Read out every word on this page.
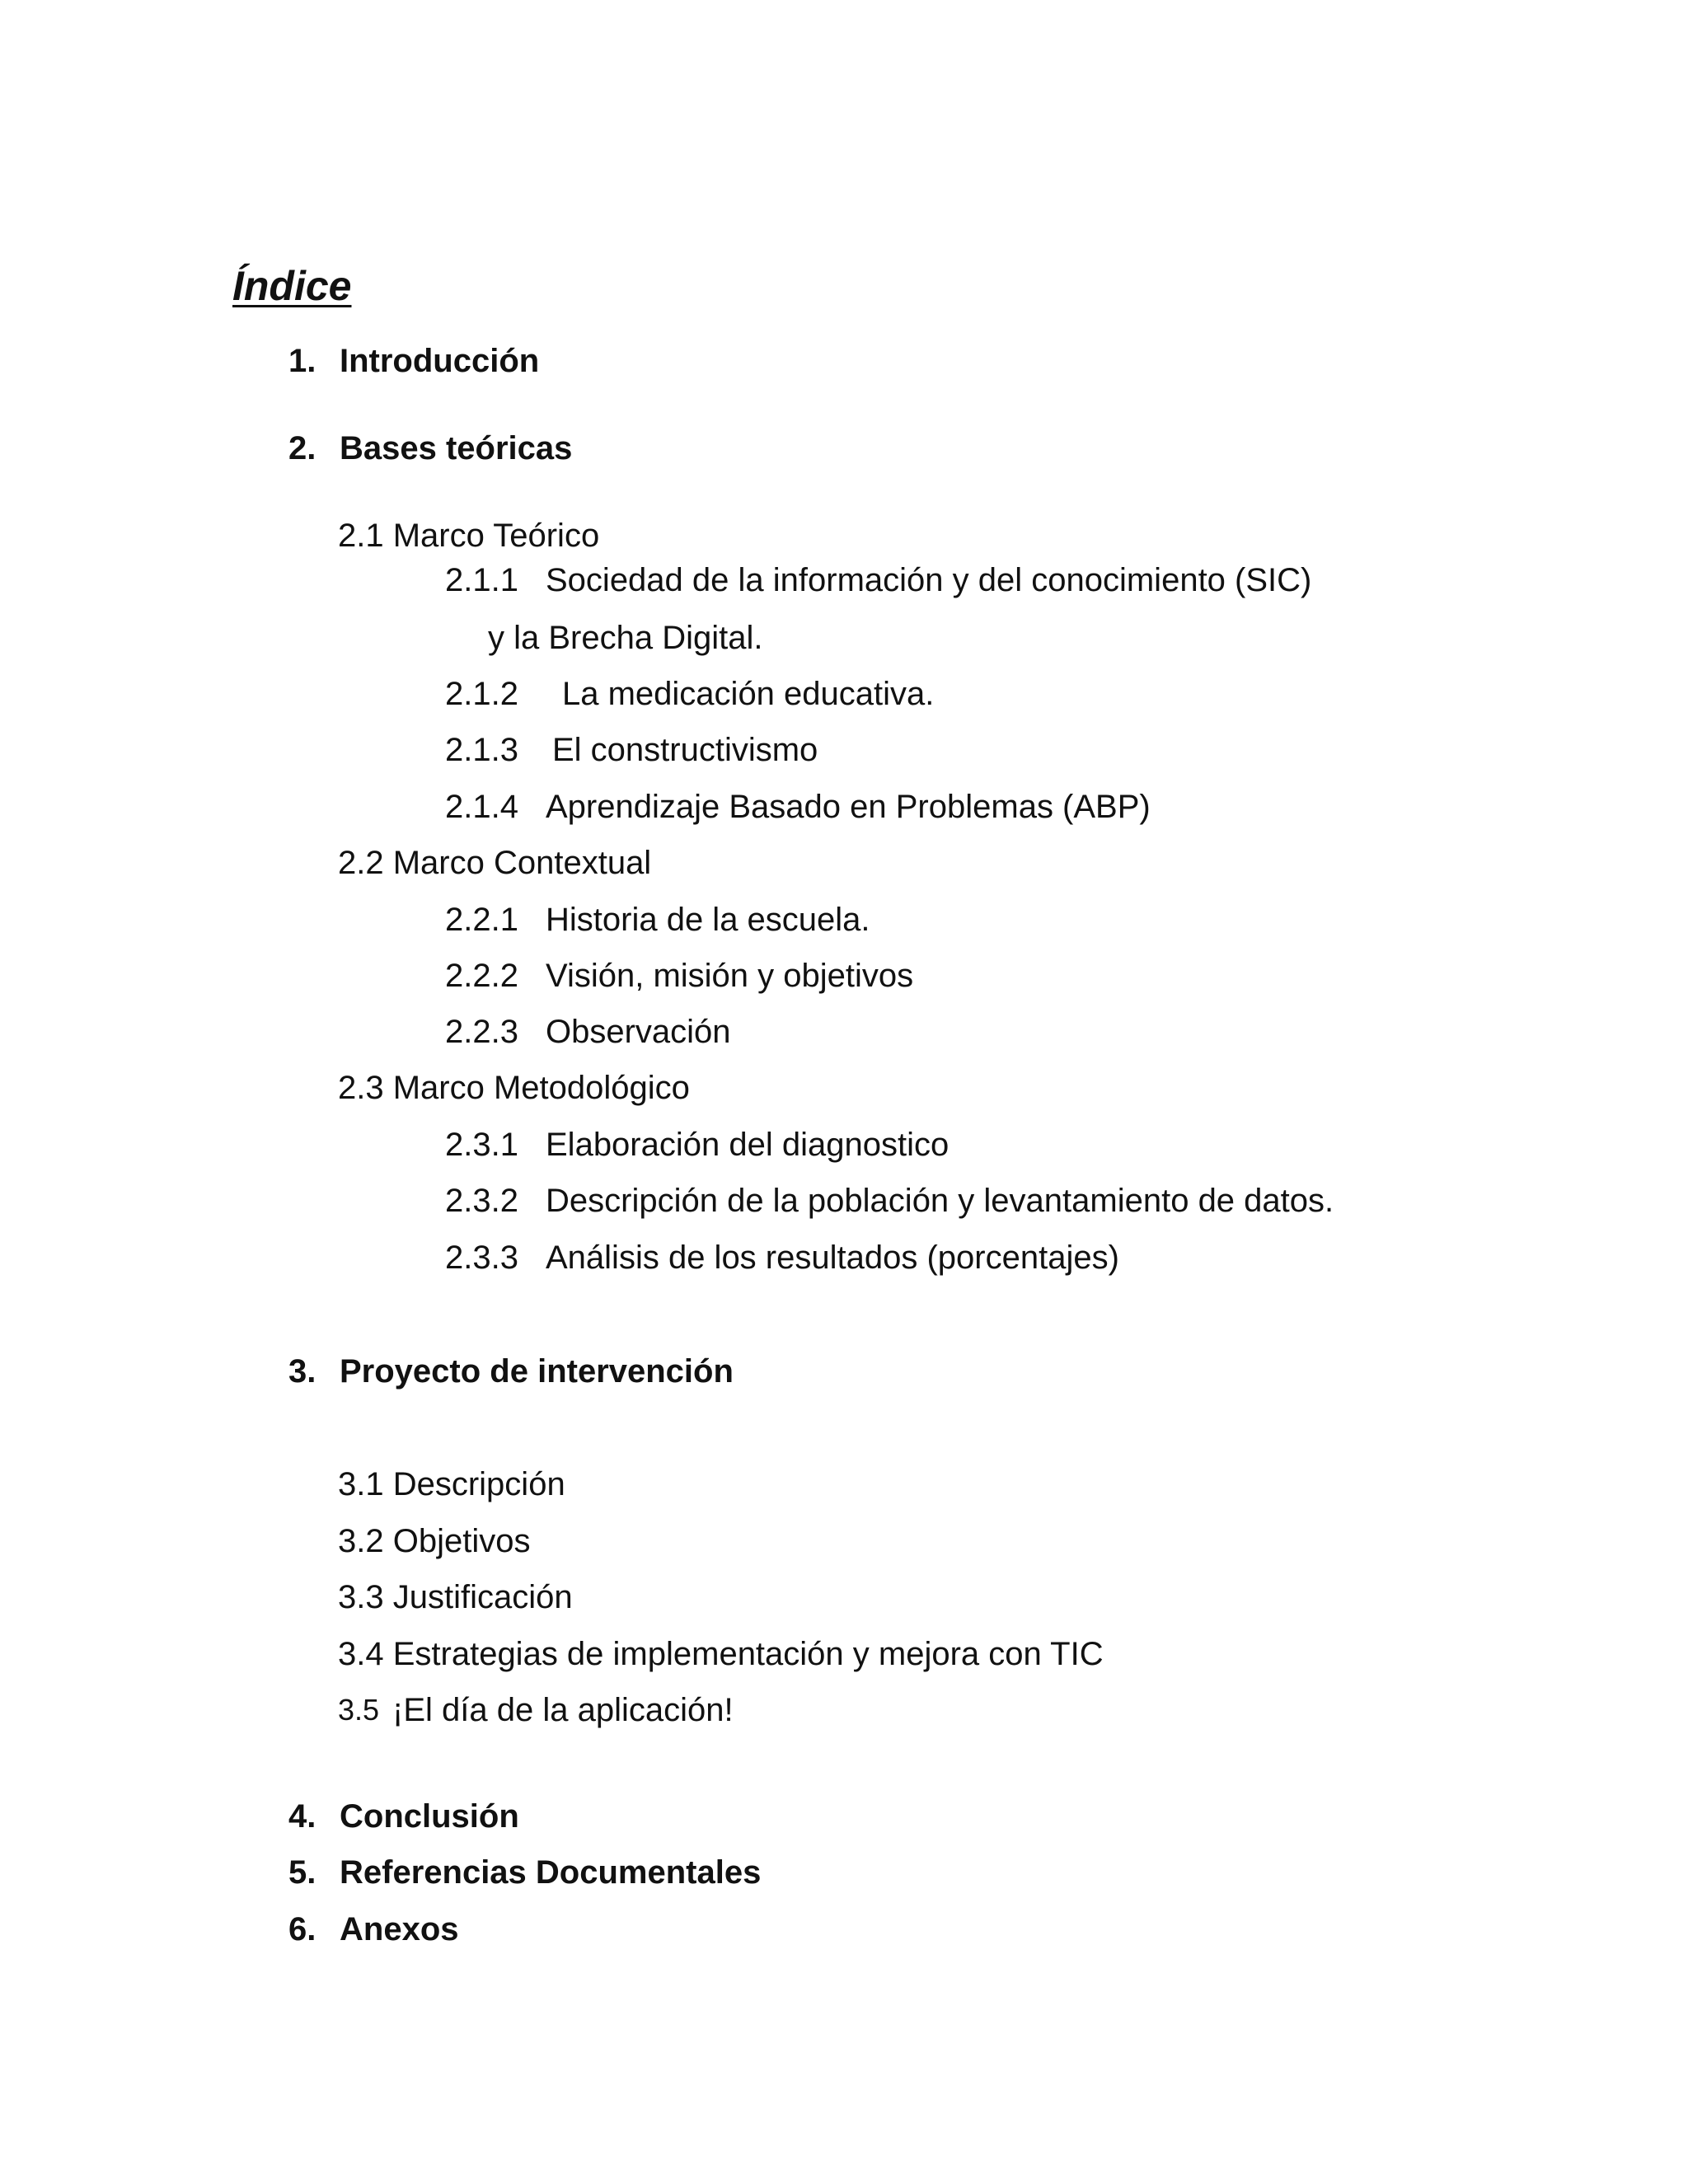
Índice
1. Introducción
2. Bases teóricas
2.1 Marco Teórico
2.1.1 Sociedad de la información y del conocimiento (SIC)
y la Brecha Digital.
2.1.2 La medicación educativa.
2.1.3 El constructivismo
2.1.4 Aprendizaje Basado en Problemas (ABP)
2.2 Marco Contextual
2.2.1 Historia de la escuela.
2.2.2 Visión, misión y objetivos
2.2.3 Observación
2.3 Marco Metodológico
2.3.1 Elaboración del diagnostico
2.3.2 Descripción de la población y levantamiento de datos.
2.3.3 Análisis de los resultados (porcentajes)
3. Proyecto de intervención
3.1 Descripción
3.2 Objetivos
3.3 Justificación
3.4 Estrategias de implementación y mejora con TIC
3.5 ¡El día de la aplicación!
4. Conclusión
5. Referencias Documentales
6. Anexos
